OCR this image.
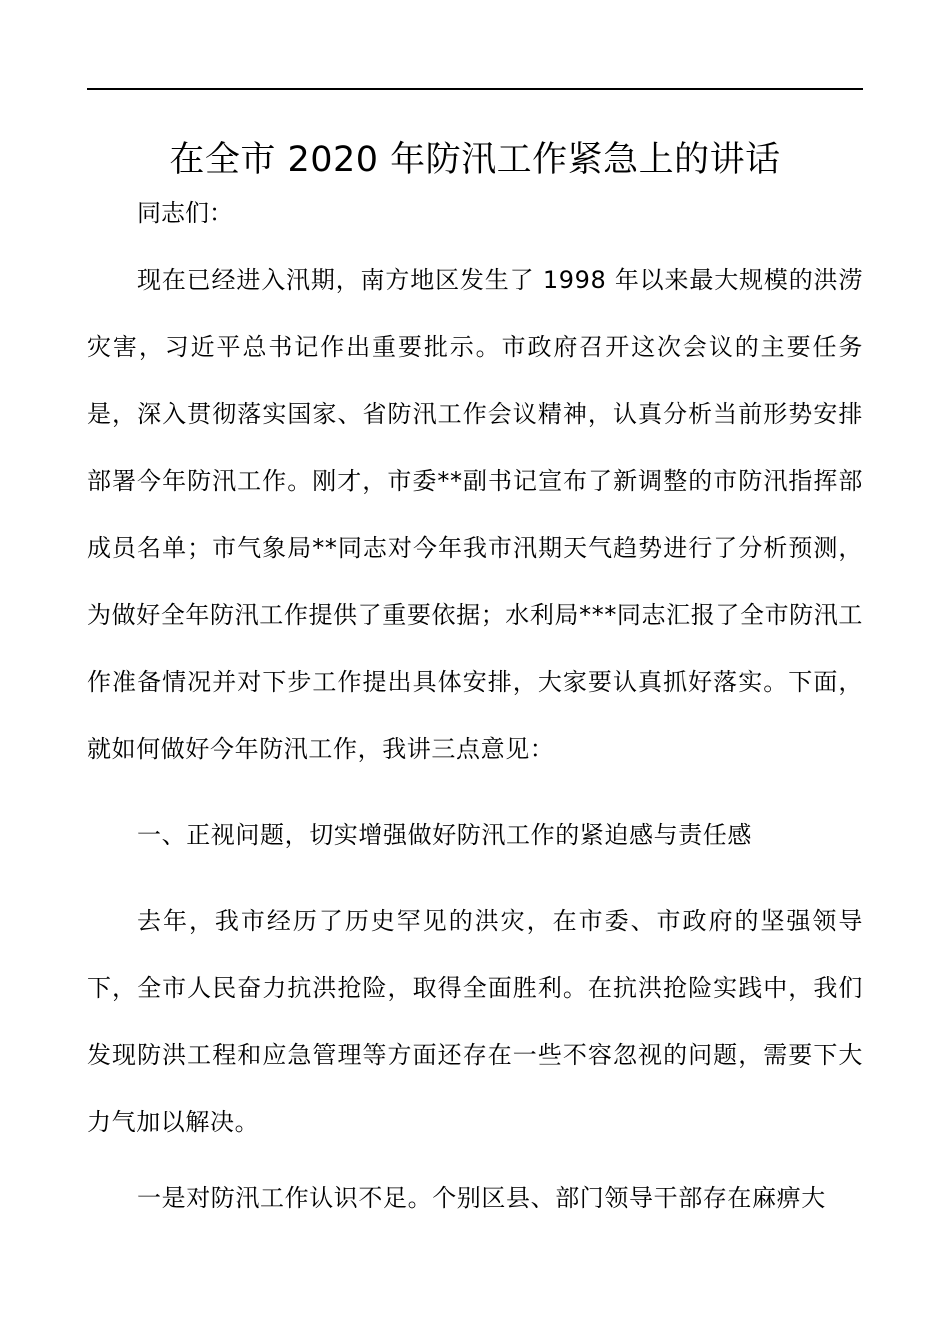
在全市 2020 年防汛工作紧急上的讲话

同志们：

现在已经进入汛期，南方地区发生了 1998 年以来最大规模的洪涝灾害，习近平总书记作出重要批示。市政府召开这次会议的主要任务是，深入贯彻落实国家、省防汛工作会议精神，认真分析当前形势安排部署今年防汛工作。刚才，市委**副书记宣布了新调整的市防汛指挥部成员名单；市气象局**同志对今年我市汛期天气趋势进行了分析预测，为做好全年防汛工作提供了重要依据；水利局***同志汇报了全市防汛工作准备情况并对下步工作提出具体安排，大家要认真抓好落实。下面，就如何做好今年防汛工作，我讲三点意见：

一、正视问题，切实增强做好防汛工作的紧迫感与责任感

去年，我市经历了历史罕见的洪灾，在市委、市政府的坚强领导下，全市人民奋力抗洪抢险，取得全面胜利。在抗洪抢险实践中，我们发现防洪工程和应急管理等方面还存在一些不容忽视的问题，需要下大力气加以解决。

一是对防汛工作认识不足。个别区县、部门领导干部存在麻痹大
